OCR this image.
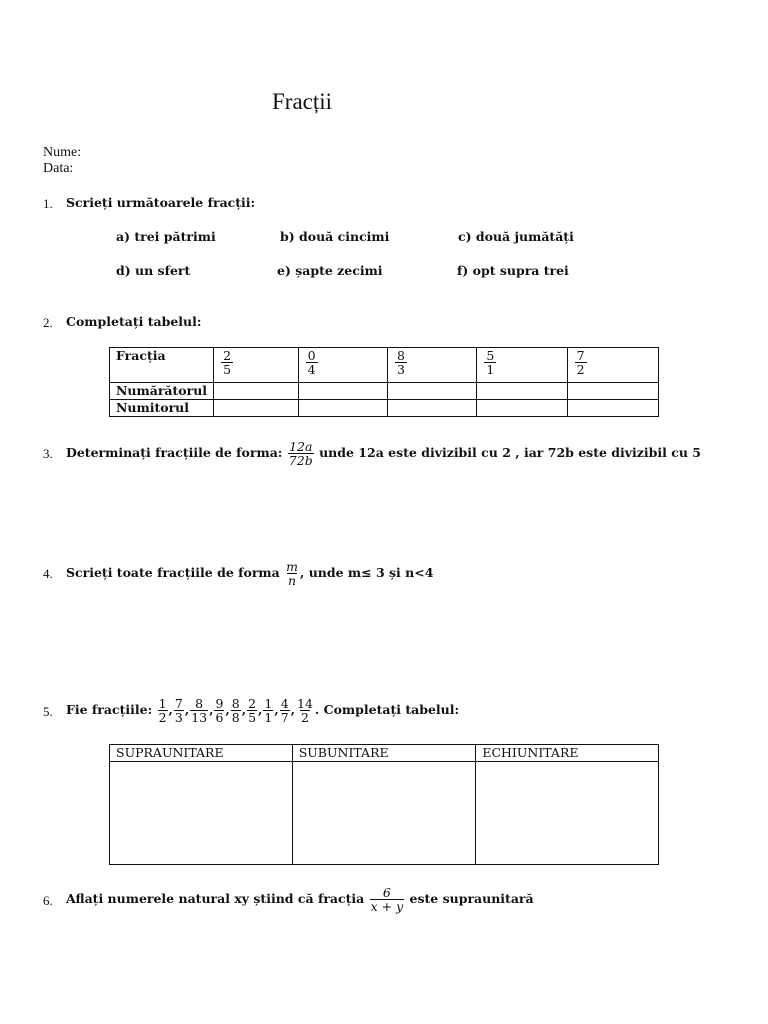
Fracții
Nume:
Data:
1. Scrieți următoarele fracții:
a) trei pătrimi	b) două cincimi	c) două jumătăți
d) un sfert	e) șapte zecimi	f) opt supra trei
2. Completați tabelul:
Fracția	$\frac{2}{5}$	$\frac{0}{4}$	$\frac{8}{3}$	$\frac{5}{1}$	$\frac{7}{2}$

Numărătorul					
Numitorul					
3. Determinați fracțiile de forma: $\frac{12a}{72b}$ unde 12a este divizibil cu 2 , iar 72b este divizibil cu 5
4. Scrieți toate fracțiile de forma $\frac{m}{n}$ , unde m≤ 3 și n<4
5. Fie fracțiile: $\frac{1}{2}$ , $\frac{7}{3}$ , $\frac{8}{13}$ , $\frac{9}{6}$ , $\frac{8}{8}$ , $\frac{2}{5}$ , $\frac{1}{1}$ , $\frac{4}{7}$ , $\frac{14}{2}$ . Completați tabelul:
SUPRAUNITARE	SUBUNITARE	ECHIUNITARE

6. Aflați numerele natural xy știind că fracția $\frac{6}{x + y}$ este supraunitară
